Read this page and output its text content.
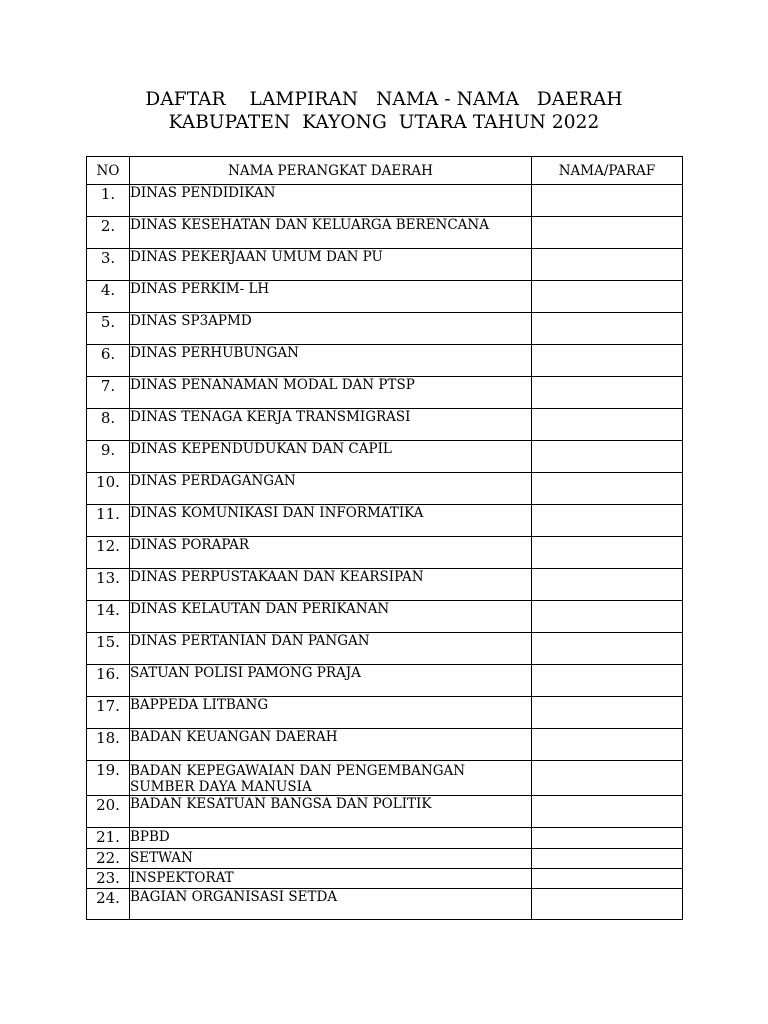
DAFTAR    LAMPIRAN   NAMA - NAMA   DAERAH
KABUPATEN  KAYONG  UTARA TAHUN 2022
NO	NAMA PERANGKAT DAERAH	NAMA/PARAF
1.	DINAS PENDIDIKAN	
2.	DINAS KESEHATAN DAN KELUARGA BERENCANA	
3.	DINAS PEKERJAAN UMUM DAN PU	
4.	DINAS PERKIM- LH	
5.	DINAS SP3APMD	
6.	DINAS PERHUBUNGAN	
7.	DINAS PENANAMAN MODAL DAN PTSP	
8.	DINAS TENAGA KERJA TRANSMIGRASI	
9.	DINAS KEPENDUDUKAN DAN CAPIL	
10.	DINAS PERDAGANGAN	
11.	DINAS KOMUNIKASI DAN INFORMATIKA	
12.	DINAS PORAPAR	
13.	DINAS PERPUSTAKAAN DAN KEARSIPAN	
14.	DINAS KELAUTAN DAN PERIKANAN	
15.	DINAS PERTANIAN DAN PANGAN	
16.	SATUAN POLISI PAMONG PRAJA	
17.	BAPPEDA LITBANG	
18.	BADAN KEUANGAN DAERAH	
19.	BADAN KEPEGAWAIAN DAN PENGEMBANGAN SUMBER DAYA MANUSIA	
20.	BADAN KESATUAN BANGSA DAN POLITIK	
21.	BPBD	
22.	SETWAN	
23.	INSPEKTORAT	
24.	BAGIAN ORGANISASI SETDA	
